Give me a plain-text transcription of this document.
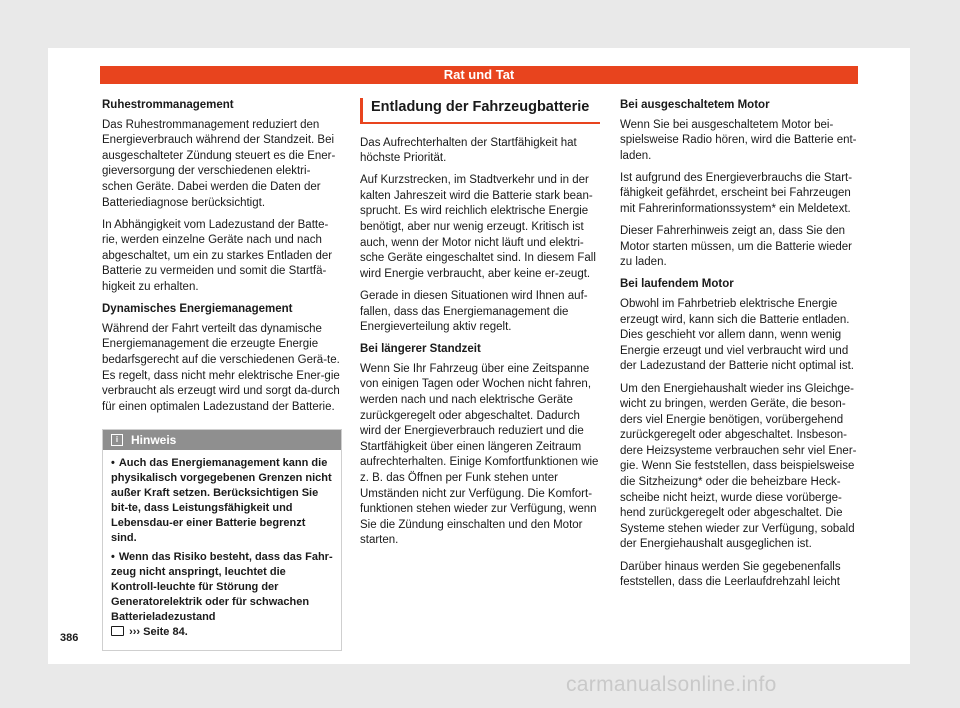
Rat und Tat
Ruhestrommanagement

Das Ruhestrommanagement reduziert den Energieverbrauch während der Standzeit. Bei ausgeschalteter Zündung steuert es die Ener-gieversorgung der verschiedenen elektri-schen Geräte. Dabei werden die Daten der Batteriediagnose berücksichtigt.

In Abhängigkeit vom Ladezustand der Batte-rie, werden einzelne Geräte nach und nach abgeschaltet, um ein zu starkes Entladen der Batterie zu vermeiden und somit die Startfä-higkeit zu erhalten.

Dynamisches Energiemanagement

Während der Fahrt verteilt das dynamische Energiemanagement die erzeugte Energie bedarfsgerecht auf die verschiedenen Gerä-te. Es regelt, dass nicht mehr elektrische Ener-gie verbraucht als erzeugt wird und sorgt da-durch für einen optimalen Ladezustand der Batterie.

i	Hinweis
• Auch das Energiemanagement kann die physikalisch vorgegebenen Grenzen nicht außer Kraft setzen. Berücksichtigen Sie bit-te, dass Leistungsfähigkeit und Lebensdau-er einer Batterie begrenzt sind.
• Wenn das Risiko besteht, dass das Fahr-zeug nicht anspringt, leuchtet die Kontroll-leuchte für Störung der Generatorelektrik oder für schwachen Batterieladezustand
››› Seite 84.
Entladung der Fahrzeugbatterie

Das Aufrechterhalten der Startfähigkeit hat höchste Priorität.

Auf Kurzstrecken, im Stadtverkehr und in der kalten Jahreszeit wird die Batterie stark bean-sprucht. Es wird reichlich elektrische Energie benötigt, aber nur wenig erzeugt. Kritisch ist auch, wenn der Motor nicht läuft und elektri-sche Geräte eingeschaltet sind. In diesem Fall wird Energie verbraucht, aber keine er-zeugt.

Gerade in diesen Situationen wird Ihnen auf-fallen, dass das Energiemanagement die Energieverteilung aktiv regelt.

Bei längerer Standzeit

Wenn Sie Ihr Fahrzeug über eine Zeitspanne von einigen Tagen oder Wochen nicht fahren, werden nach und nach elektrische Geräte zurückgeregelt oder abgeschaltet. Dadurch wird der Energieverbrauch reduziert und die Startfähigkeit über einen längeren Zeitraum aufrechterhalten. Einige Komfortfunktionen wie z. B. das Öffnen per Funk stehen unter Umständen nicht zur Verfügung. Die Komfort-funktionen stehen wieder zur Verfügung, wenn Sie die Zündung einschalten und den Motor starten.

Bei ausgeschaltetem Motor

Wenn Sie bei ausgeschaltetem Motor bei-spielsweise Radio hören, wird die Batterie ent-laden.

Ist aufgrund des Energieverbrauchs die Start-fähigkeit gefährdet, erscheint bei Fahrzeugen mit Fahrerinformationssystem* ein Meldetext.

Dieser Fahrerhinweis zeigt an, dass Sie den Motor starten müssen, um die Batterie wieder zu laden.

Bei laufendem Motor

Obwohl im Fahrbetrieb elektrische Energie erzeugt wird, kann sich die Batterie entladen. Dies geschieht vor allem dann, wenn wenig Energie erzeugt und viel verbraucht wird und der Ladezustand der Batterie nicht optimal ist.

Um den Energiehaushalt wieder ins Gleichge-wicht zu bringen, werden Geräte, die beson-ders viel Energie benötigen, vorübergehend zurückgeregelt oder abgeschaltet. Insbeson-dere Heizsysteme verbrauchen sehr viel Ener-gie. Wenn Sie feststellen, dass beispielsweise die Sitzheizung* oder die beheizbare Heck-scheibe nicht heizt, wurde diese vorüberge-hend zurückgeregelt oder abgeschaltet. Die Systeme stehen wieder zur Verfügung, sobald der Energiehaushalt ausgeglichen ist.

Darüber hinaus werden Sie gegebenenfalls feststellen, dass die Leerlaufdrehzahl leicht

386
carmanualsonline.info
